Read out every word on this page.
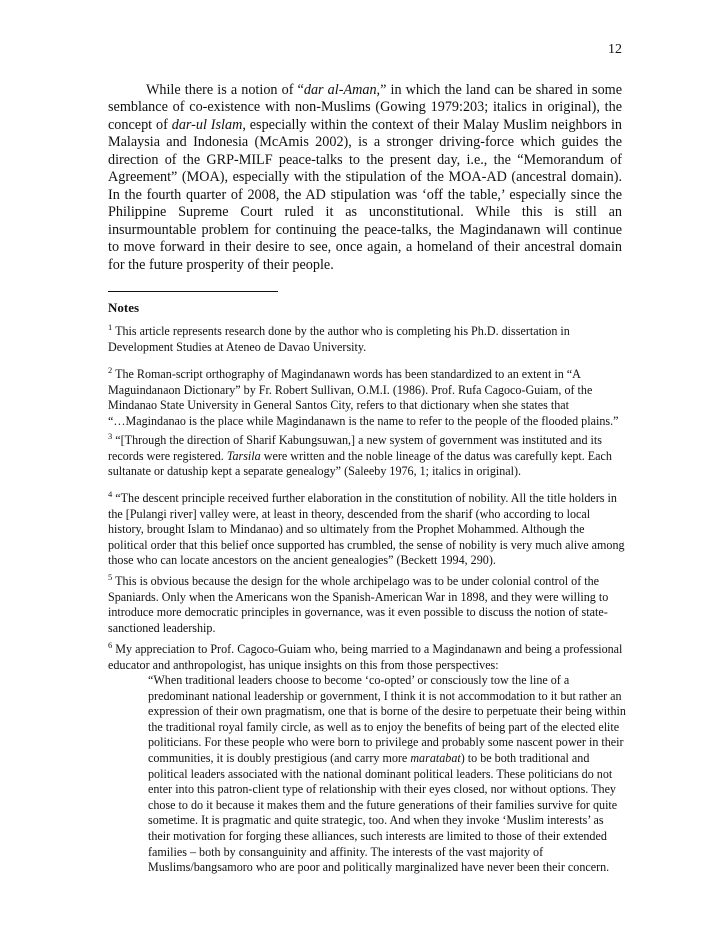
12

While there is a notion of “dar al-Aman,” in which the land can be shared in some
semblance of co-existence with non-Muslims (Gowing 1979:203; italics in original), the
concept of dar-ul Islam, especially within the context of their Malay Muslim neighbors in
Malaysia and Indonesia (McAmis 2002), is a stronger driving-force which guides the
direction of the GRP-MILF peace-talks to the present day, i.e., the “Memorandum of
Agreement” (MOA), especially with the stipulation of the MOA-AD (ancestral domain).
In the fourth quarter of 2008, the AD stipulation was ‘off the table,’ especially since the
Philippine Supreme Court ruled it as unconstitutional. While this is still an
insurmountable problem for continuing the peace-talks, the Magindanawn will continue
to move forward in their desire to see, once again, a homeland of their ancestral domain
for the future prosperity of their people.

Notes

$^1$ This article represents research done by the author who is completing his Ph.D. dissertation in
Development Studies at Ateneo de Davao University.

$^2$ The Roman-script orthography of Magindanawn words has been standardized to an extent in “A
Maguindanaon Dictionary” by Fr. Robert Sullivan, O.M.I. (1986). Prof. Rufa Cagoco-Guiam, of the
Mindanao State University in General Santos City, refers to that dictionary when she states that
“…Magindanao is the place while Magindanawn is the name to refer to the people of the flooded plains.”

$^3$ “[Through the direction of Sharif Kabungsuwan,] a new system of government was instituted and its
records were registered. Tarsila were written and the noble lineage of the datus was carefully kept. Each
sultanate or datuship kept a separate genealogy” (Saleeby 1976, 1; italics in original).

$^4$ “The descent principle received further elaboration in the constitution of nobility. All the title holders in
the [Pulangi river] valley were, at least in theory, descended from the sharif (who according to local
history, brought Islam to Mindanao) and so ultimately from the Prophet Mohammed. Although the
political order that this belief once supported has crumbled, the sense of nobility is very much alive among
those who can locate ancestors on the ancient genealogies” (Beckett 1994, 290).

$^5$ This is obvious because the design for the whole archipelago was to be under colonial control of the
Spaniards. Only when the Americans won the Spanish-American War in 1898, and they were willing to
introduce more democratic principles in governance, was it even possible to discuss the notion of state-
sanctioned leadership.

$^6$ My appreciation to Prof. Cagoco-Guiam who, being married to a Magindanawn and being a professional
educator and anthropologist, has unique insights on this from those perspectives:

“When traditional leaders choose to become ‘co-opted’ or consciously tow the line of a
predominant national leadership or government, I think it is not accommodation to it but rather an
expression of their own pragmatism, one that is borne of the desire to perpetuate their being within
the traditional royal family circle, as well as to enjoy the benefits of being part of the elected elite
politicians. For these people who were born to privilege and probably some nascent power in their
communities, it is doubly prestigious (and carry more maratabat) to be both traditional and
political leaders associated with the national dominant political leaders. These politicians do not
enter into this patron-client type of relationship with their eyes closed, nor without options. They
chose to do it because it makes them and the future generations of their families survive for quite
sometime. It is pragmatic and quite strategic, too. And when they invoke ‘Muslim interests’ as
their motivation for forging these alliances, such interests are limited to those of their extended
families – both by consanguinity and affinity. The interests of the vast majority of
Muslims/bangsamoro who are poor and politically marginalized have never been their concern.
